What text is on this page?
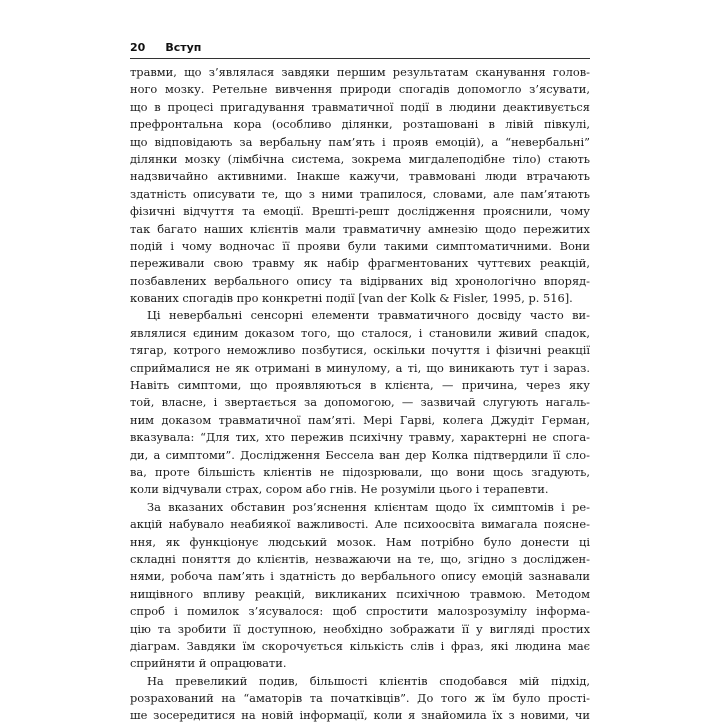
20 Вступ
травми, що з’являлася завдяки першим результатам сканування голов-
ного мозку. Ретельне вивчення природи спогадів допомогло з’ясувати,
що в процесі пригадування травматичної події в людини деактивується
префронтальна кора (особливо ділянки, розташовані в лівій півкулі,
що відповідають за вербальну пам’ять і прояв емоцій), а “невербальні”
ділянки мозку (лімбічна система, зокрема мигдалеподібне тіло) стають
надзвичайно активними. Інакше кажучи, травмовані люди втрачають
здатність описувати те, що з ними трапилося, словами, але пам’ятають
фізичні відчуття та емоції. Врешті-решт дослідження прояснили, чому
так багато наших клієнтів мали травматичну амнезію щодо пережитих
подій і чому водночас її прояви були такими симптоматичними. Вони
переживали свою травму як набір фрагментованих чуттєвих реакцій,
позбавлених вербального опису та відірваних від хронологічно впоряд-
кованих спогадів про конкретні події [van der Kolk & Fisler, 1995, p. 516].
Ці невербальні сенсорні елементи травматичного досвіду часто ви-
являлися єдиним доказом того, що сталося, і становили живий спадок,
тягар, котрого неможливо позбутися, оскільки почуття і фізичні реакції
сприймалися не як отримані в минулому, а ті, що виникають тут і зараз.
Навіть симптоми, що проявляються в клієнта, — причина, через яку
той, власне, і звертається за допомогою, — зазвичай слугують нагаль-
ним доказом травматичної пам’яті. Мері Гарві, колега Джудіт Герман,
вказувала: “Для тих, хто пережив психічну травму, характерні не спога-
ди, а симптоми”. Дослідження Бессела ван дер Колка підтвердили її сло-
ва, проте більшість клієнтів не підозрювали, що вони щось згадують,
коли відчували страх, сором або гнів. Не розуміли цього і терапевти.
За вказаних обставин роз’яснення клієнтам щодо їх симптомів і ре-
акцій набувало неабиякої важливості. Але психоосвіта вимагала поясне-
ння, як функціонує людський мозок. Нам потрібно було донести ці
складні поняття до клієнтів, незважаючи на те, що, згідно з досліджен-
нями, робоча пам’ять і здатність до вербального опису емоцій зазнавали
нищівного впливу реакцій, викликаних психічною травмою. Методом
спроб і помилок з’ясувалося: щоб спростити малозрозумілу інформа-
цію та зробити її доступною, необхідно зображати її у вигляді простих
діаграм. Завдяки їм скорочується кількість слів і фраз, які людина має
сприйняти й опрацювати.
На превеликий подив, більшості клієнтів сподобався мій підхід,
розрахований на “аматорів та початківців”. До того ж їм було прості-
ше зосередитися на новій інформації, коли я знайомила їх з новими, чи
